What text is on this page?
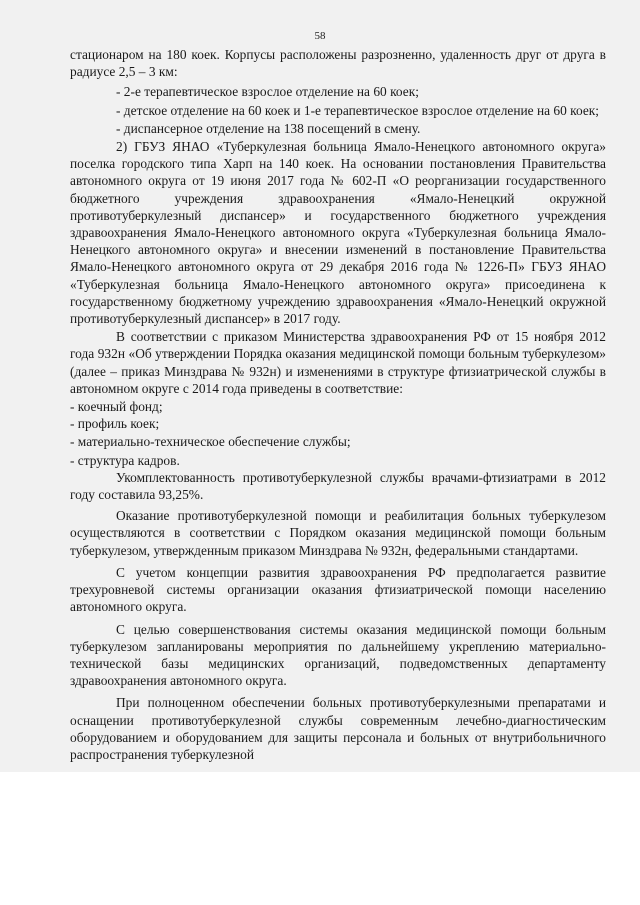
58

стационаром на 180 коек. Корпусы расположены разрозненно, удаленность друг от друга в радиусе 2,5 – 3 км:

- 2-е терапевтическое взрослое отделение на 60 коек;

- детское отделение на 60 коек и 1-е терапевтическое взрослое отделение на 60 коек;

- диспансерное отделение на 138 посещений в смену.

2) ГБУЗ ЯНАО «Туберкулезная больница Ямало-Ненецкого автономного округа» поселка городского типа Харп на 140 коек. На основании постановления Правительства автономного округа от 19 июня 2017 года № 602-П «О реорганизации государственного бюджетного учреждения здравоохранения «Ямало-Ненецкий окружной противотуберкулезный диспансер» и государственного бюджетного учреждения здравоохранения Ямало-Ненецкого автономного округа «Туберкулезная больница Ямало-Ненецкого автономного округа» и внесении изменений в постановление Правительства Ямало-Ненецкого автономного округа от 29 декабря 2016 года № 1226-П» ГБУЗ ЯНАО «Туберкулезная больница Ямало-Ненецкого автономного округа» присоединена к государственному бюджетному учреждению здравоохранения «Ямало-Ненецкий окружной противотуберкулезный диспансер» в 2017 году.

В соответствии с приказом Министерства здравоохранения РФ от 15 ноября 2012 года 932н «Об утверждении Порядка оказания медицинской помощи больным туберкулезом» (далее – приказ Минздрава № 932н) и изменениями в структуре фтизиатрической службы в автономном округе с 2014 года приведены в соответствие:

- коечный фонд;

- профиль коек;

- материально-техническое обеспечение службы;

- структура кадров.

Укомплектованность противотуберкулезной службы врачами-фтизиатрами в 2012 году составила 93,25%.

Оказание противотуберкулезной помощи и реабилитация больных туберкулезом осуществляются в соответствии с Порядком оказания медицинской помощи больным туберкулезом, утвержденным приказом Минздрава № 932н, федеральными стандартами.

С учетом концепции развития здравоохранения РФ предполагается развитие трехуровневой системы организации оказания фтизиатрической помощи населению автономного округа.

С целью совершенствования системы оказания медицинской помощи больным туберкулезом запланированы мероприятия по дальнейшему укреплению материально-технической базы медицинских организаций, подведомственных департаменту здравоохранения автономного округа.

При полноценном обеспечении больных противотуберкулезными препаратами и оснащении противотуберкулезной службы современным лечебно-диагностическим оборудованием и оборудованием для защиты персонала и больных от внутрибольничного распространения туберкулезной
